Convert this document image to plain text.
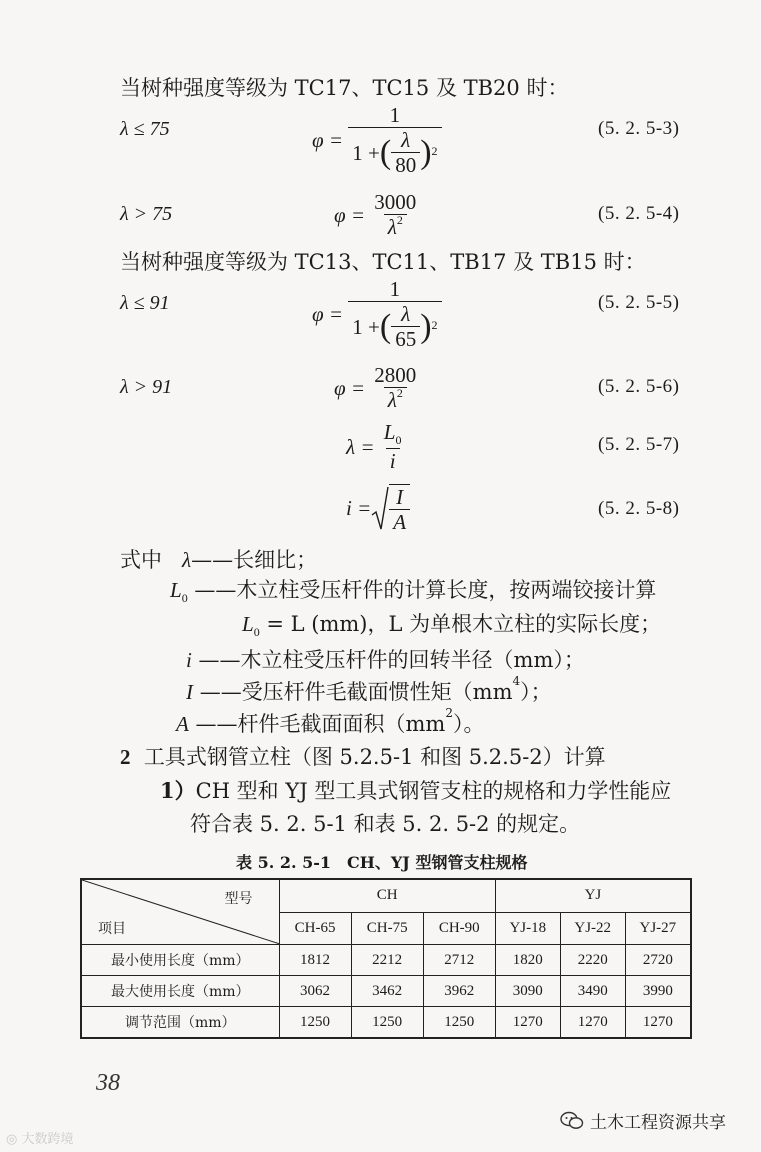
当树种强度等级为 TC17、TC15 及 TB20 时：
λ ≤ 75	φ =
$\frac{1}{1 + ( \frac{\lambda}{80} ) 2}$	(5. 2. 5-3)
λ > 75	φ =
$\frac{3000}{\lambda^2}$	(5. 2. 5-4)
当树种强度等级为 TC13、TC11、TB17 及 TB15 时：
λ ≤ 91	φ =
$\frac{1}{1 + ( \frac{\lambda}{65} ) 2}$	(5. 2. 5-5)
λ > 91	φ =
$\frac{2800}{\lambda^2}$	(5. 2. 5-6)
λ =
$\frac{L_0}{i}$	(5. 2. 5-7)
$i = \frac{I}{A}$	(5. 2. 5-8)
式中 λ——长细比；
$L_0$ ——木立柱受压杆件的计算长度，按两端铰接计算
$L_0 = L$ (mm)，L 为单根木立柱的实际长度；
i ——木立柱受压杆件的回转半径（mm）；
I ——受压杆件毛截面惯性矩$(mm^4)$；
A ——杆件毛截面面积$(mm^2)$。
2 工具式钢管立柱（图 5.2.5-1 和图 5.2.5-2）计算
1）CH 型和 YJ 型工具式钢管支柱的规格和力学性能应
符合表 5. 2. 5-1 和表 5. 2. 5-2 的规定。
表 5. 2. 5-1　CH、YJ 型钢管支柱规格
型号
项目	CH			YJ		
	CH-65	CH-75	CH-90	YJ-18	YJ-22	YJ-27
最小使用长度（mm）	1812	2212	2712	1820	2220	2720
最大使用长度（mm）	3062	3462	3962	3090	3490	3990
调节范围（mm）	1250	1250	1250	1270	1270	1270
38
◎ 大数跨境
土木工程资源共享
